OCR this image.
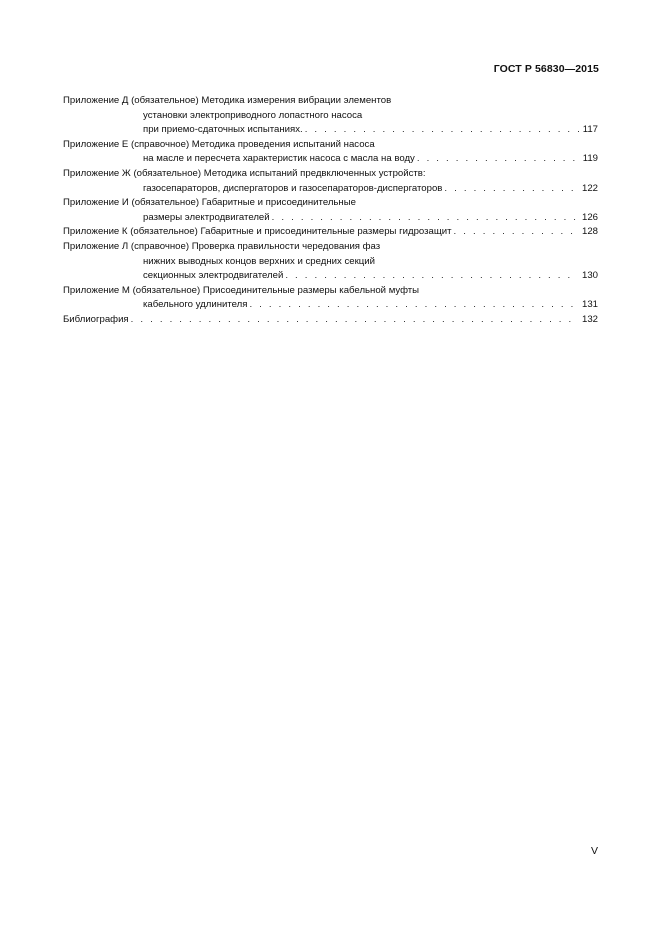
ГОСТ Р 56830—2015
Приложение Д (обязательное) Методика измерения вибрации элементов
установки электроприводного лопастного насоса
при приемо-сдаточных испытаниях. . . .	117
Приложение Е (справочное) Методика проведения испытаний насоса
на масле и пересчета характеристик насоса с масла на воду . . .	119
Приложение Ж (обязательное) Методика испытаний предвключенных устройств:
газосепараторов, диспергаторов и газосепараторов-диспергаторов . . .	122
Приложение И (обязательное) Габаритные и присоединительные
размеры электродвигателей . . .	126
Приложение К (обязательное) Габаритные и присоединительные размеры гидрозащит . . .	128
Приложение Л (справочное) Проверка правильности чередования фаз
нижних выводных концов верхних и средних секций
секционных электродвигателей . . .	130
Приложение М (обязательное) Присоединительные размеры кабельной муфты
кабельного удлинителя . . .	131
Библиография . . .	132
V
